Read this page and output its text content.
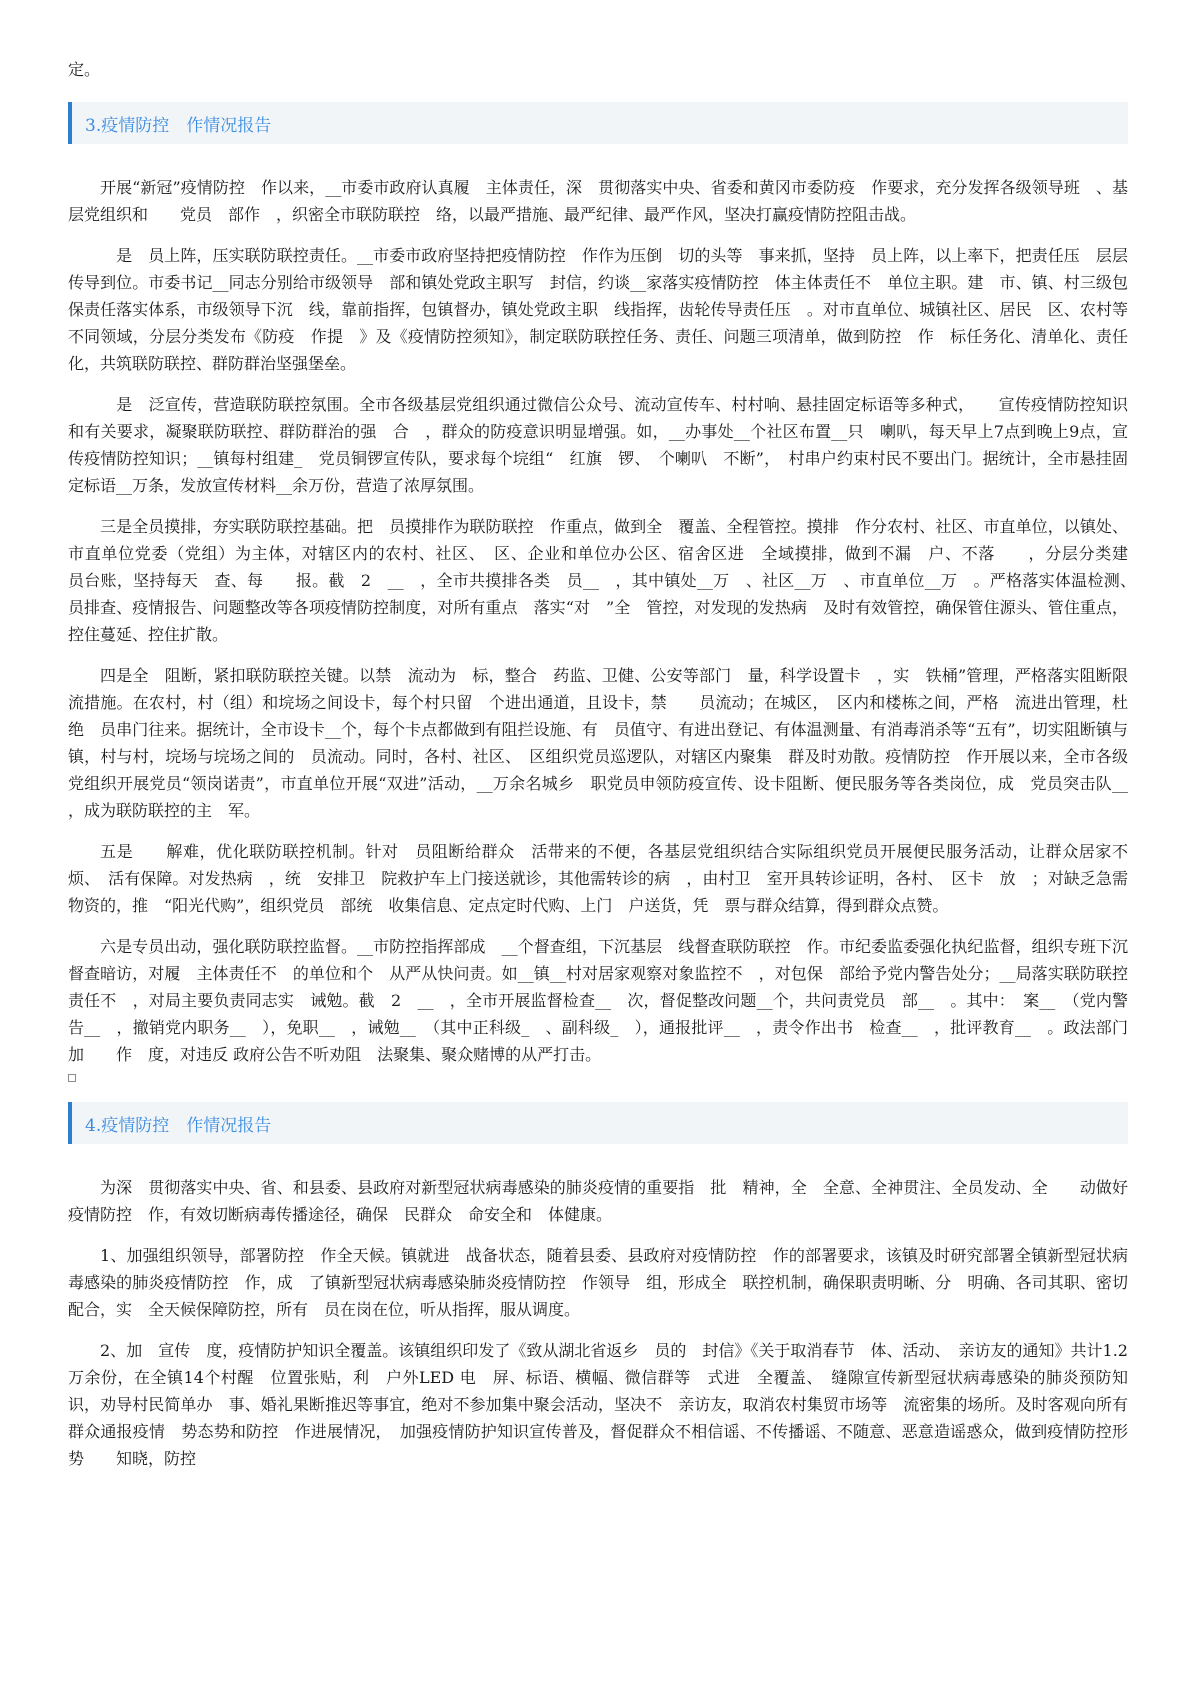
定。

3.疫情防控　作情况报告

开展“新冠”疫情防控　作以来，__市委市政府认真履　主体责任，深　贯彻落实中央、省委和黄冈市委防疫　作要求，充分发挥各级领导班　、基层党组织和　　党员　部作　，织密全市联防联控　络，以最严措施、最严纪律、最严作风，坚决打赢疫情防控阻击战。

　是　员上阵，压实联防联控责任。__市委市政府坚持把疫情防控　作作为压倒　切的头等　事来抓，坚持　员上阵，以上率下，把责任压　层层传导到位。市委书记__同志分别给市级领导　部和镇处党政主职写　封信，约谈__家落实疫情防控　体主体责任不　单位主职。建　市、镇、村三级包保责任落实体系，市级领导下沉　线，靠前指挥，包镇督办，镇处党政主职　线指挥，齿轮传导责任压　。对市直单位、城镇社区、居民　区、农村等不同领域，分层分类发布《防疫　作提　》及《疫情防控须知》，制定联防联控任务、责任、问题三项清单，做到防控　作　标任务化、清单化、责任化，共筑联防联控、群防群治坚强堡垒。

　是　泛宣传，营造联防联控氛围。全市各级基层党组织通过微信公众号、流动宣传车、村村响、悬挂固定标语等多种式，　　宣传疫情防控知识和有关要求，凝聚联防联控、群防群治的强　合　，群众的防疫意识明显增强。如，__办事处__个社区布置__只　喇叭，每天早上7点到晚上9点，宣传疫情防控知识；__镇每村组建_　党员铜锣宣传队，要求每个垸组“　红旗　锣、　个喇叭　不断”，　村串户约束村民不要出门。据统计，全市悬挂固定标语__万条，发放宣传材料__余万份，营造了浓厚氛围。

三是全员摸排，夯实联防联控基础。把　员摸排作为联防联控　作重点，做到全　覆盖、全程管控。摸排　作分农村、社区、市直单位，以镇处、市直单位党委（党组）为主体，对辖区内的农村、社区、　区、企业和单位办公区、宿舍区进　全域摸排，做到不漏　户、不落　　，分层分类建　　员台账，坚持每天　查、每　　报。截　2　__　，全市共摸排各类　员__　，其中镇处__万　、社区__万　、市直单位__万　。严格落实体温检测、　员排查、疫情报告、问题整改等各项疫情防控制度，对所有重点　落实“对　”全　管控，对发现的发热病　及时有效管控，确保管住源头、管住重点，控住蔓延、控住扩散。

四是全　阻断，紧扣联防联控关键。以禁　流动为　标，整合　药监、卫健、公安等部门　量，科学设置卡　，实　铁桶”管理，严格落实阻断限流措施。在农村，村（组）和垸场之间设卡，每个村只留　个进出通道，且设卡，禁　　员流动；在城区，　区内和楼栋之间，严格　流进出管理，杜绝　员串门往来。据统计，全市设卡__个，每个卡点都做到有阻拦设施、有　员值守、有进出登记、有体温测量、有消毒消杀等“五有”，切实阻断镇与镇，村与村，垸场与垸场之间的　员流动。同时，各村、社区、　区组织党员巡逻队，对辖区内聚集　群及时劝散。疫情防控　作开展以来，全市各级党组织开展党员“领岗诺责”，市直单位开展“双进”活动，__万余名城乡　职党员申领防疫宣传、设卡阻断、便民服务等各类岗位，成　党员突击队__　，成为联防联控的主　军。

五是　　解难，优化联防联控机制。针对　员阻断给群众　活带来的不便，各基层党组织结合实际组织党员开展便民服务活动，让群众居家不　烦、　活有保障。对发热病　，统　安排卫　院救护车上门接送就诊，其他需转诊的病　，由村卫　室开具转诊证明，各村、　区卡　放　；对缺乏急需　　物资的，推　“阳光代购”，组织党员　部统　收集信息、定点定时代购、上门　户送货，凭　票与群众结算，得到群众点赞。

六是专员出动，强化联防联控监督。__市防控指挥部成　__个督查组，下沉基层　线督查联防联控　作。市纪委监委强化执纪监督，组织专班下沉督查暗访，对履　主体责任不　的单位和个　从严从快问责。如__镇__村对居家观察对象监控不　，对包保　部给予党内警告处分；__局落实联防联控责任不　，对局主要负责同志实　诫勉。截　2　__　，全市开展监督检查__　次，督促整改问题__个，共问责党员　部__　。其中：　案__　（党内警告__　，撤销党内职务__　），免职__　，诫勉__　（其中正科级_　、副科级_　），通报批评__　，责令作出书　检查__　，批评教育__　。政法部门加　　作　度，对违反 政府公告不听劝阻　法聚集、聚众赌博的从严打击。

4.疫情防控　作情况报告

为深　贯彻落实中央、省、和县委、县政府对新型冠状病毒感染的肺炎疫情的重要指　批　精神，全　全意、全神贯注、全员发动、全　　动做好疫情防控　作，有效切断病毒传播途径，确保　民群众　命安全和　体健康。

1、加强组织领导，部署防控　作全天候。镇就进　战备状态，随着县委、县政府对疫情防控　作的部署要求，该镇及时研究部署全镇新型冠状病毒感染的肺炎疫情防控　作，成　了镇新型冠状病毒感染肺炎疫情防控　作领导　组，形成全　联控机制，确保职责明晰、分　明确、各司其职、密切配合，实　全天候保障防控，所有　员在岗在位，听从指挥，服从调度。

2、加　宣传　度，疫情防护知识全覆盖。该镇组织印发了《致从湖北省返乡　员的　封信》《关于取消春节　体、活动、　亲访友的通知》共计1.2万余份，在全镇14个村醒　位置张贴，利　户外LED 电　屏、标语、横幅、微信群等　式进　全覆盖、　缝隙宣传新型冠状病毒感染的肺炎预防知识，劝导村民简单办　事、婚礼果断推迟等事宜，绝对不参加集中聚会活动，坚决不　亲访友，取消农村集贸市场等　流密集的场所。及时客观向所有群众通报疫情　势态势和防控　作进展情况，　加强疫情防护知识宣传普及，督促群众不相信谣、不传播谣、不随意、恶意造谣惑众，做到疫情防控形势　　知晓，防控
